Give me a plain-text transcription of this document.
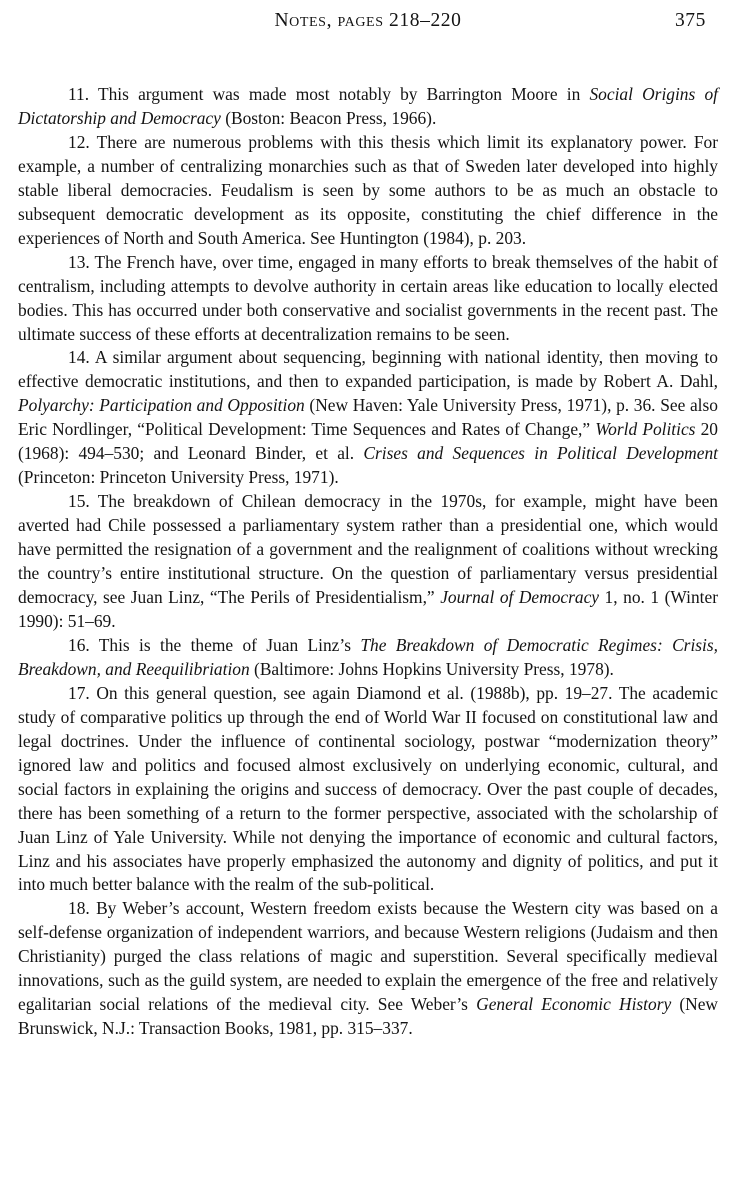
Notes, pages 218–220	375

11. This argument was made most notably by Barrington Moore in Social Origins of Dictatorship and Democracy (Boston: Beacon Press, 1966).

12. There are numerous problems with this thesis which limit its explanatory power. For example, a number of centralizing monarchies such as that of Sweden later developed into highly stable liberal democracies. Feudalism is seen by some authors to be as much an obstacle to subsequent democratic development as its opposite, constituting the chief difference in the experiences of North and South America. See Huntington (1984), p. 203.

13. The French have, over time, engaged in many efforts to break themselves of the habit of centralism, including attempts to devolve authority in certain areas like education to locally elected bodies. This has occurred under both conservative and socialist governments in the recent past. The ultimate success of these efforts at decentralization remains to be seen.

14. A similar argument about sequencing, beginning with national identity, then moving to effective democratic institutions, and then to expanded participation, is made by Robert A. Dahl, Polyarchy: Participation and Opposition (New Haven: Yale University Press, 1971), p. 36. See also Eric Nordlinger, “Political Development: Time Sequences and Rates of Change,” World Politics 20 (1968): 494–530; and Leonard Binder, et al. Crises and Sequences in Political Development (Princeton: Princeton University Press, 1971).

15. The breakdown of Chilean democracy in the 1970s, for example, might have been averted had Chile possessed a parliamentary system rather than a presidential one, which would have permitted the resignation of a government and the realignment of coalitions without wrecking the country’s entire institutional structure. On the question of parliamentary versus presidential democracy, see Juan Linz, “The Perils of Presidentialism,” Journal of Democracy 1, no. 1 (Winter 1990): 51–69.

16. This is the theme of Juan Linz’s The Breakdown of Democratic Regimes: Crisis, Breakdown, and Reequilibriation (Baltimore: Johns Hopkins University Press, 1978).

17. On this general question, see again Diamond et al. (1988b), pp. 19–27. The academic study of comparative politics up through the end of World War II focused on constitutional law and legal doctrines. Under the influence of continental sociology, postwar “modernization theory” ignored law and politics and focused almost exclusively on underlying economic, cultural, and social factors in explaining the origins and success of democracy. Over the past couple of decades, there has been something of a return to the former perspective, associated with the scholarship of Juan Linz of Yale University. While not denying the importance of economic and cultural factors, Linz and his associates have properly emphasized the autonomy and dignity of politics, and put it into much better balance with the realm of the sub-political.

18. By Weber’s account, Western freedom exists because the Western city was based on a self-defense organization of independent warriors, and because Western religions (Judaism and then Christianity) purged the class relations of magic and superstition. Several specifically medieval innovations, such as the guild system, are needed to explain the emergence of the free and relatively egalitarian social relations of the medieval city. See Weber’s General Economic History (New Brunswick, N.J.: Transaction Books, 1981, pp. 315–337.
